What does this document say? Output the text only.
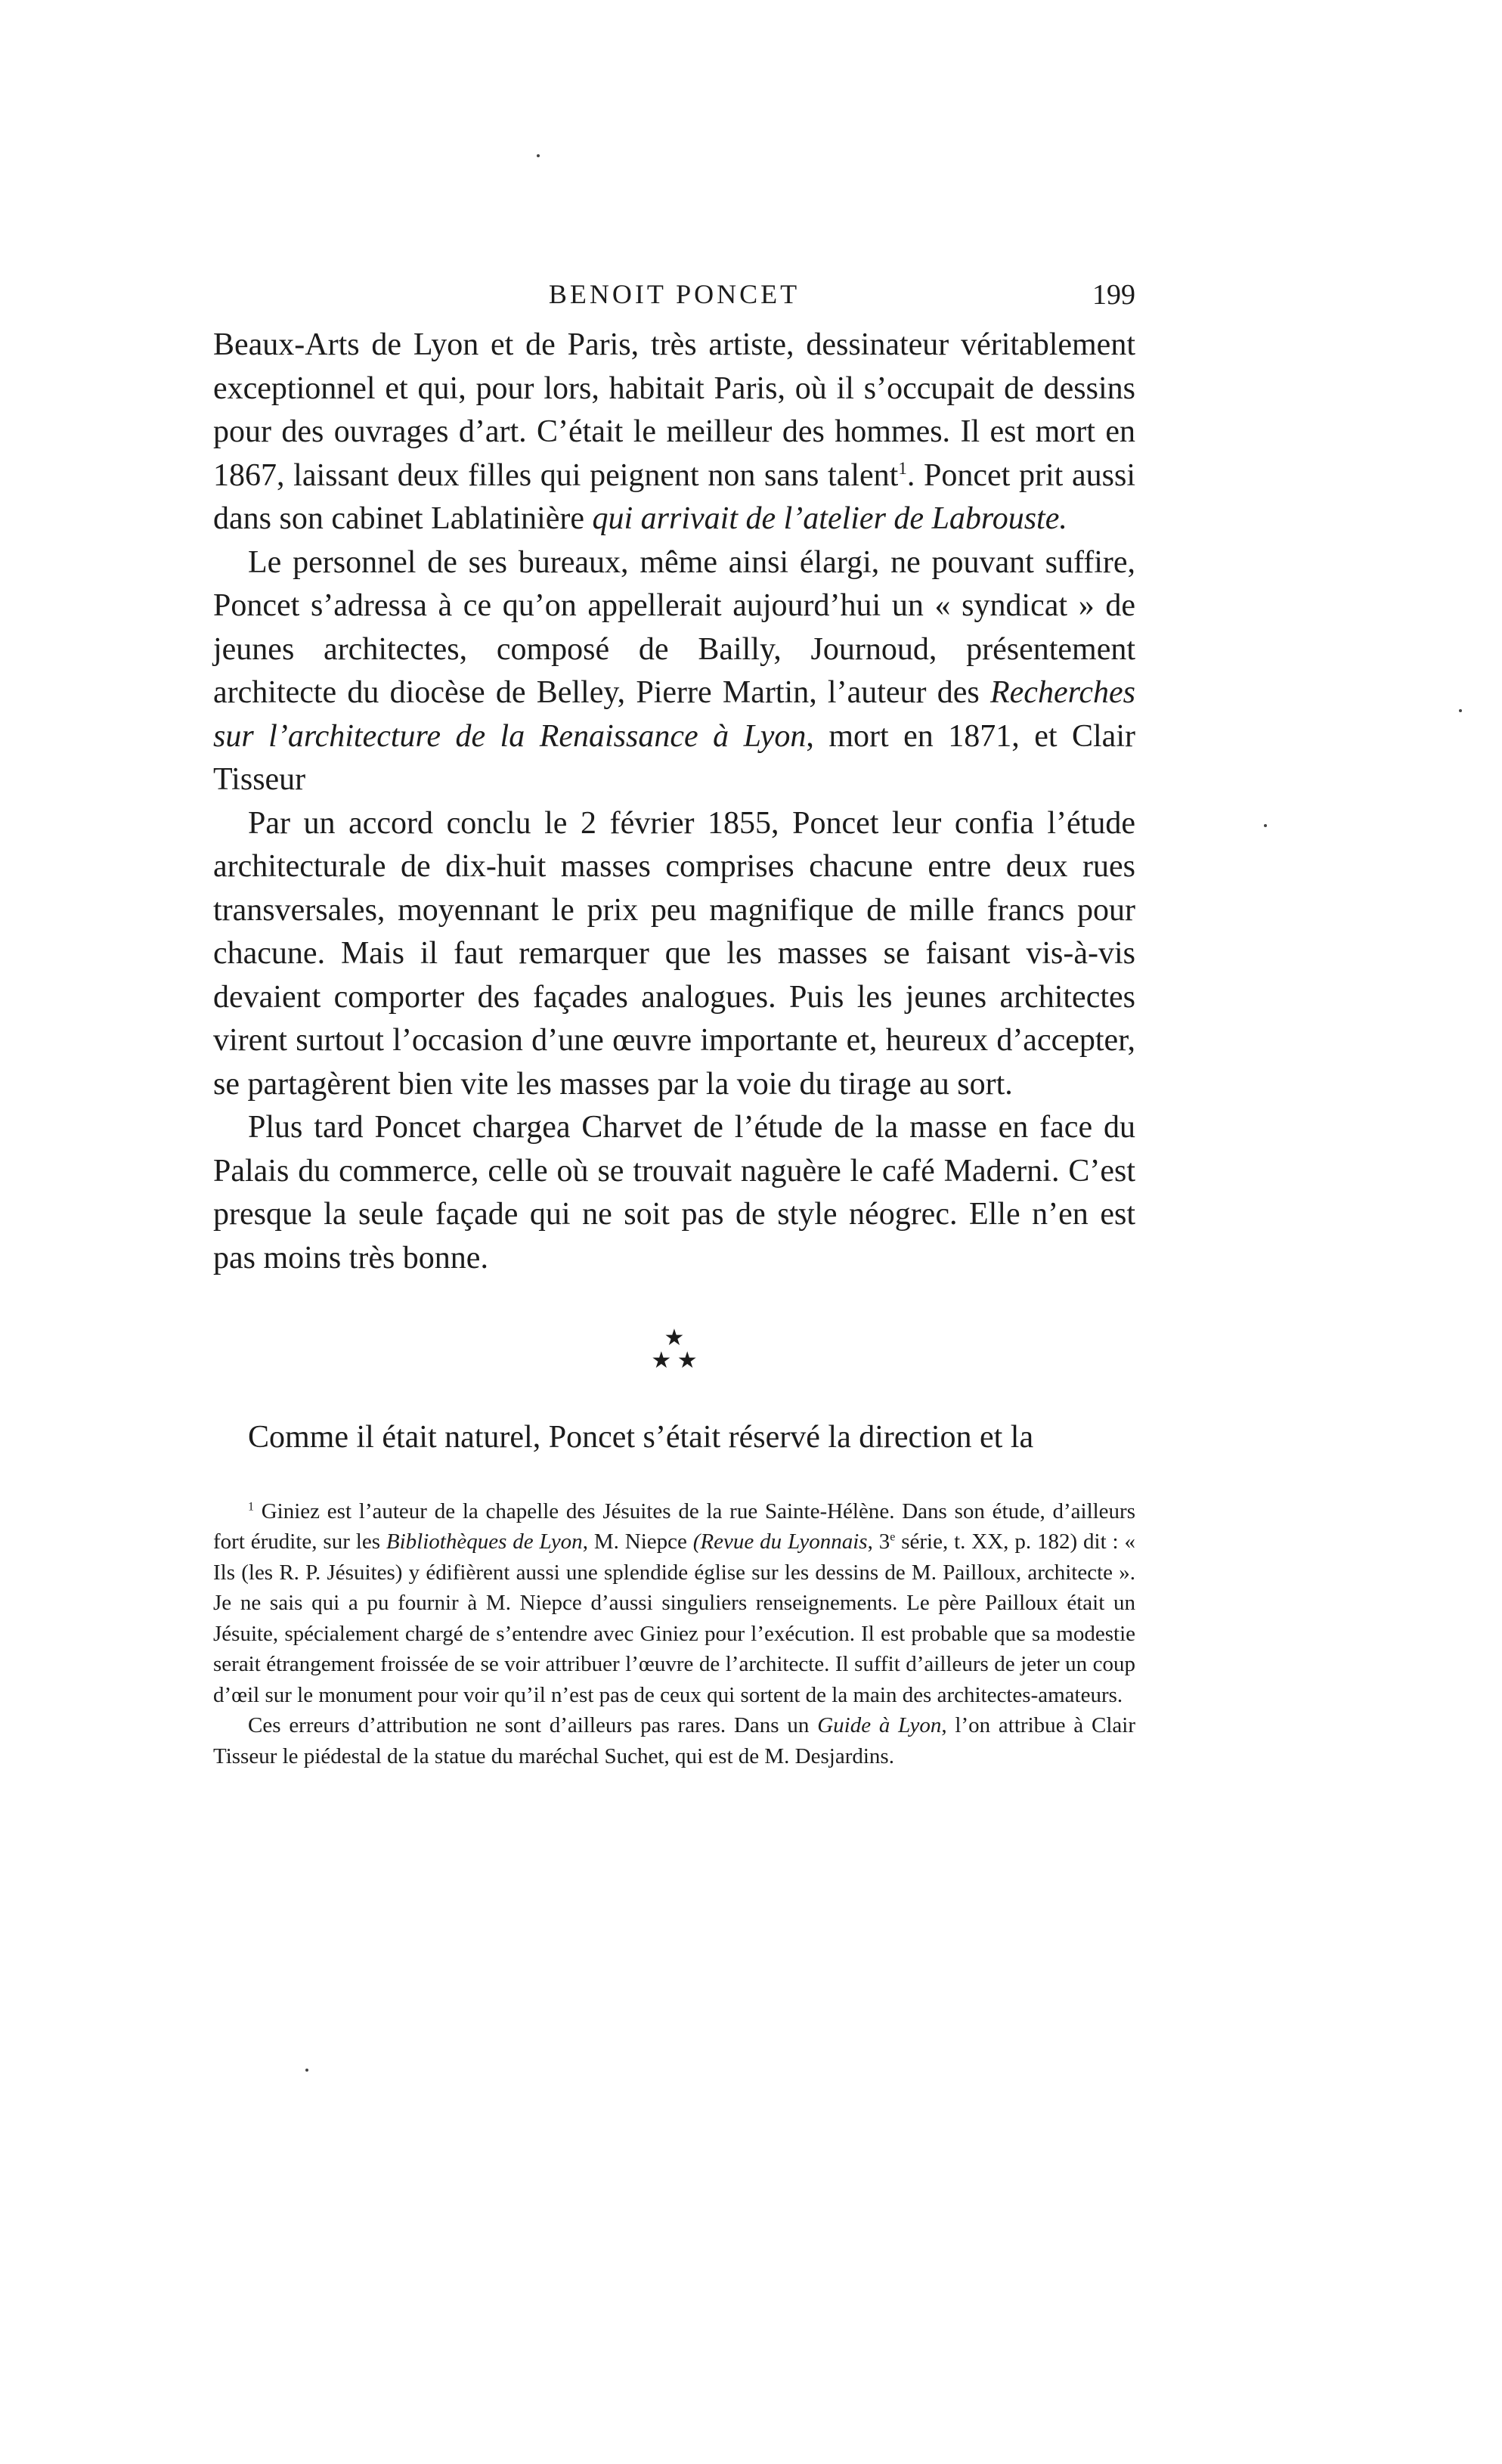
BENOIT PONCET	199

Beaux-Arts de Lyon et de Paris, très artiste, dessinateur véritablement exceptionnel et qui, pour lors, habitait Paris, où il s’occupait de dessins pour des ouvrages d’art. C’était le meilleur des hommes. Il est mort en 1867, laissant deux filles qui peignent non sans talent$^1$. Poncet prit aussi dans son cabinet Lablatinière qui arrivait de l’atelier de Labrouste.

Le personnel de ses bureaux, même ainsi élargi, ne pouvant suffire, Poncet s’adressa à ce qu’on appellerait aujourd’hui un « syndicat » de jeunes architectes, composé de Bailly, Journoud, présentement architecte du diocèse de Belley, Pierre Martin, l’auteur des Recherches sur l’architecture de la Renaissance à Lyon, mort en 1871, et Clair Tisseur

Par un accord conclu le 2 février 1855, Poncet leur confia l’étude architecturale de dix-huit masses comprises chacune entre deux rues transversales, moyennant le prix peu magnifique de mille francs pour chacune. Mais il faut remarquer que les masses se faisant vis-à-vis devaient comporter des façades analogues. Puis les jeunes architectes virent surtout l’occasion d’une œuvre importante et, heureux d’accepter, se partagèrent bien vite les masses par la voie du tirage au sort.

Plus tard Poncet chargea Charvet de l’étude de la masse en face du Palais du commerce, celle où se trouvait naguère le café Maderni. C’est presque la seule façade qui ne soit pas de style néogrec. Elle n’en est pas moins très bonne.

★
★ ★

Comme il était naturel, Poncet s’était réservé la direction et la

$^1$ Giniez est l’auteur de la chapelle des Jésuites de la rue Sainte-Hélène. Dans son étude, d’ailleurs fort érudite, sur les Bibliothèques de Lyon, M. Niepce (Revue du Lyonnais, 3e série, t. XX, p. 182) dit : « Ils (les R. P. Jésuites) y édifièrent aussi une splendide église sur les dessins de M. Pailloux, architecte ». Je ne sais qui a pu fournir à M. Niepce d’aussi singuliers renseignements. Le père Pailloux était un Jésuite, spécialement chargé de s’entendre avec Giniez pour l’exécution. Il est probable que sa modestie serait étrangement froissée de se voir attribuer l’œuvre de l’architecte. Il suffit d’ailleurs de jeter un coup d’œil sur le monument pour voir qu’il n’est pas de ceux qui sortent de la main des architectes-amateurs.

Ces erreurs d’attribution ne sont d’ailleurs pas rares. Dans un Guide à Lyon, l’on attribue à Clair Tisseur le piédestal de la statue du maréchal Suchet, qui est de M. Desjardins.
